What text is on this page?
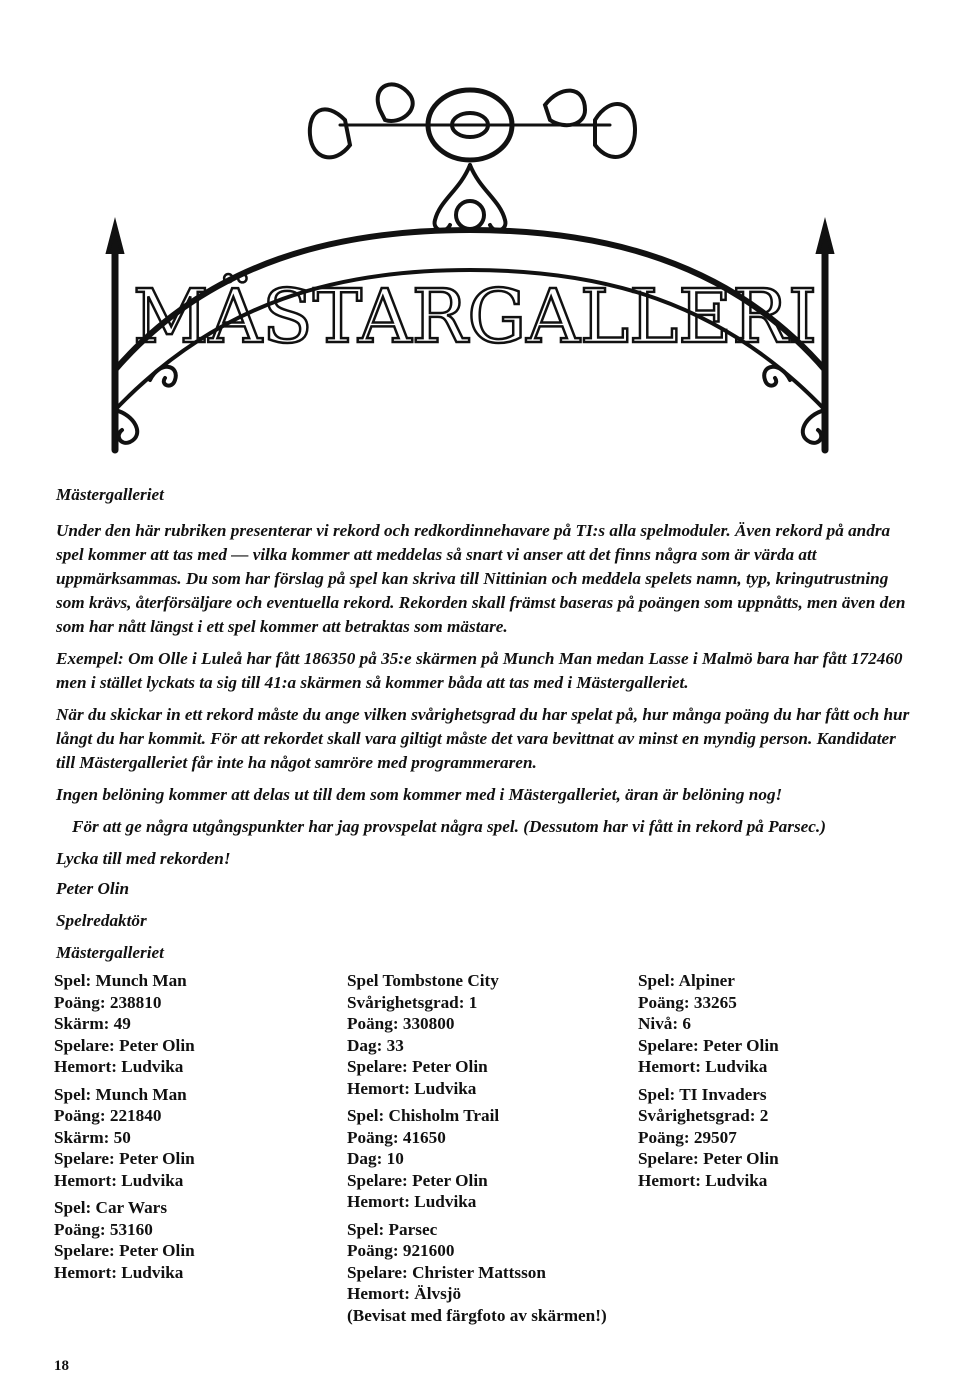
MÄSTARGALLERI

Mästergalleriet

Under den här rubriken presenterar vi rekord och redkordinnehavare på TI:s alla spelmoduler. Även rekord på andra spel kommer att tas med — vilka kommer att meddelas så snart vi anser att det finns några som är värda att uppmärksammas. Du som har förslag på spel kan skriva till Nittinian och meddela spelets namn, typ, kringutrustning som krävs, återförsäljare och eventuella rekord. Rekorden skall främst baseras på poängen som uppnåtts, men även den som har nått längst i ett spel kommer att betraktas som mästare.

Exempel: Om Olle i Luleå har fått 186350 på 35:e skärmen på Munch Man medan Lasse i Malmö bara har fått 172460 men i stället lyckats ta sig till 41:a skärmen så kommer båda att tas med i Mästergalleriet.

När du skickar in ett rekord måste du ange vilken svårighetsgrad du har spelat på, hur många poäng du har fått och hur långt du har kommit. För att rekordet skall vara giltigt måste det vara bevittnat av minst en myndig person. Kandidater till Mästergalleriet får inte ha något samröre med programmeraren.

Ingen belöning kommer att delas ut till dem som kommer med i Mästergalleriet, äran är belöning nog!

För att ge några utgångspunkter har jag provspelat några spel. (Dessutom har vi fått in rekord på Parsec.)

Lycka till med rekorden!

Peter Olin

Spelredaktör

Mästergalleriet

Spel: Munch Man
Poäng: 238810
Skärm: 49
Spelare: Peter Olin
Hemort: Ludvika
Spel: Munch Man
Poäng: 221840
Skärm: 50
Spelare: Peter Olin
Hemort: Ludvika
Spel: Car Wars
Poäng: 53160
Spelare: Peter Olin
Hemort: Ludvika
Spel Tombstone City
Svårighetsgrad: 1
Poäng: 330800
Dag: 33
Spelare: Peter Olin
Hemort: Ludvika
Spel: Chisholm Trail
Poäng: 41650
Dag: 10
Spelare: Peter Olin
Hemort: Ludvika
Spel: Parsec
Poäng: 921600
Spelare: Christer Mattsson
Hemort: Älvsjö
(Bevisat med färgfoto av skärmen!)
Spel: Alpiner
Poäng: 33265
Nivå: 6
Spelare: Peter Olin
Hemort: Ludvika
Spel: TI Invaders
Svårighetsgrad: 2
Poäng: 29507
Spelare: Peter Olin
Hemort: Ludvika
18
